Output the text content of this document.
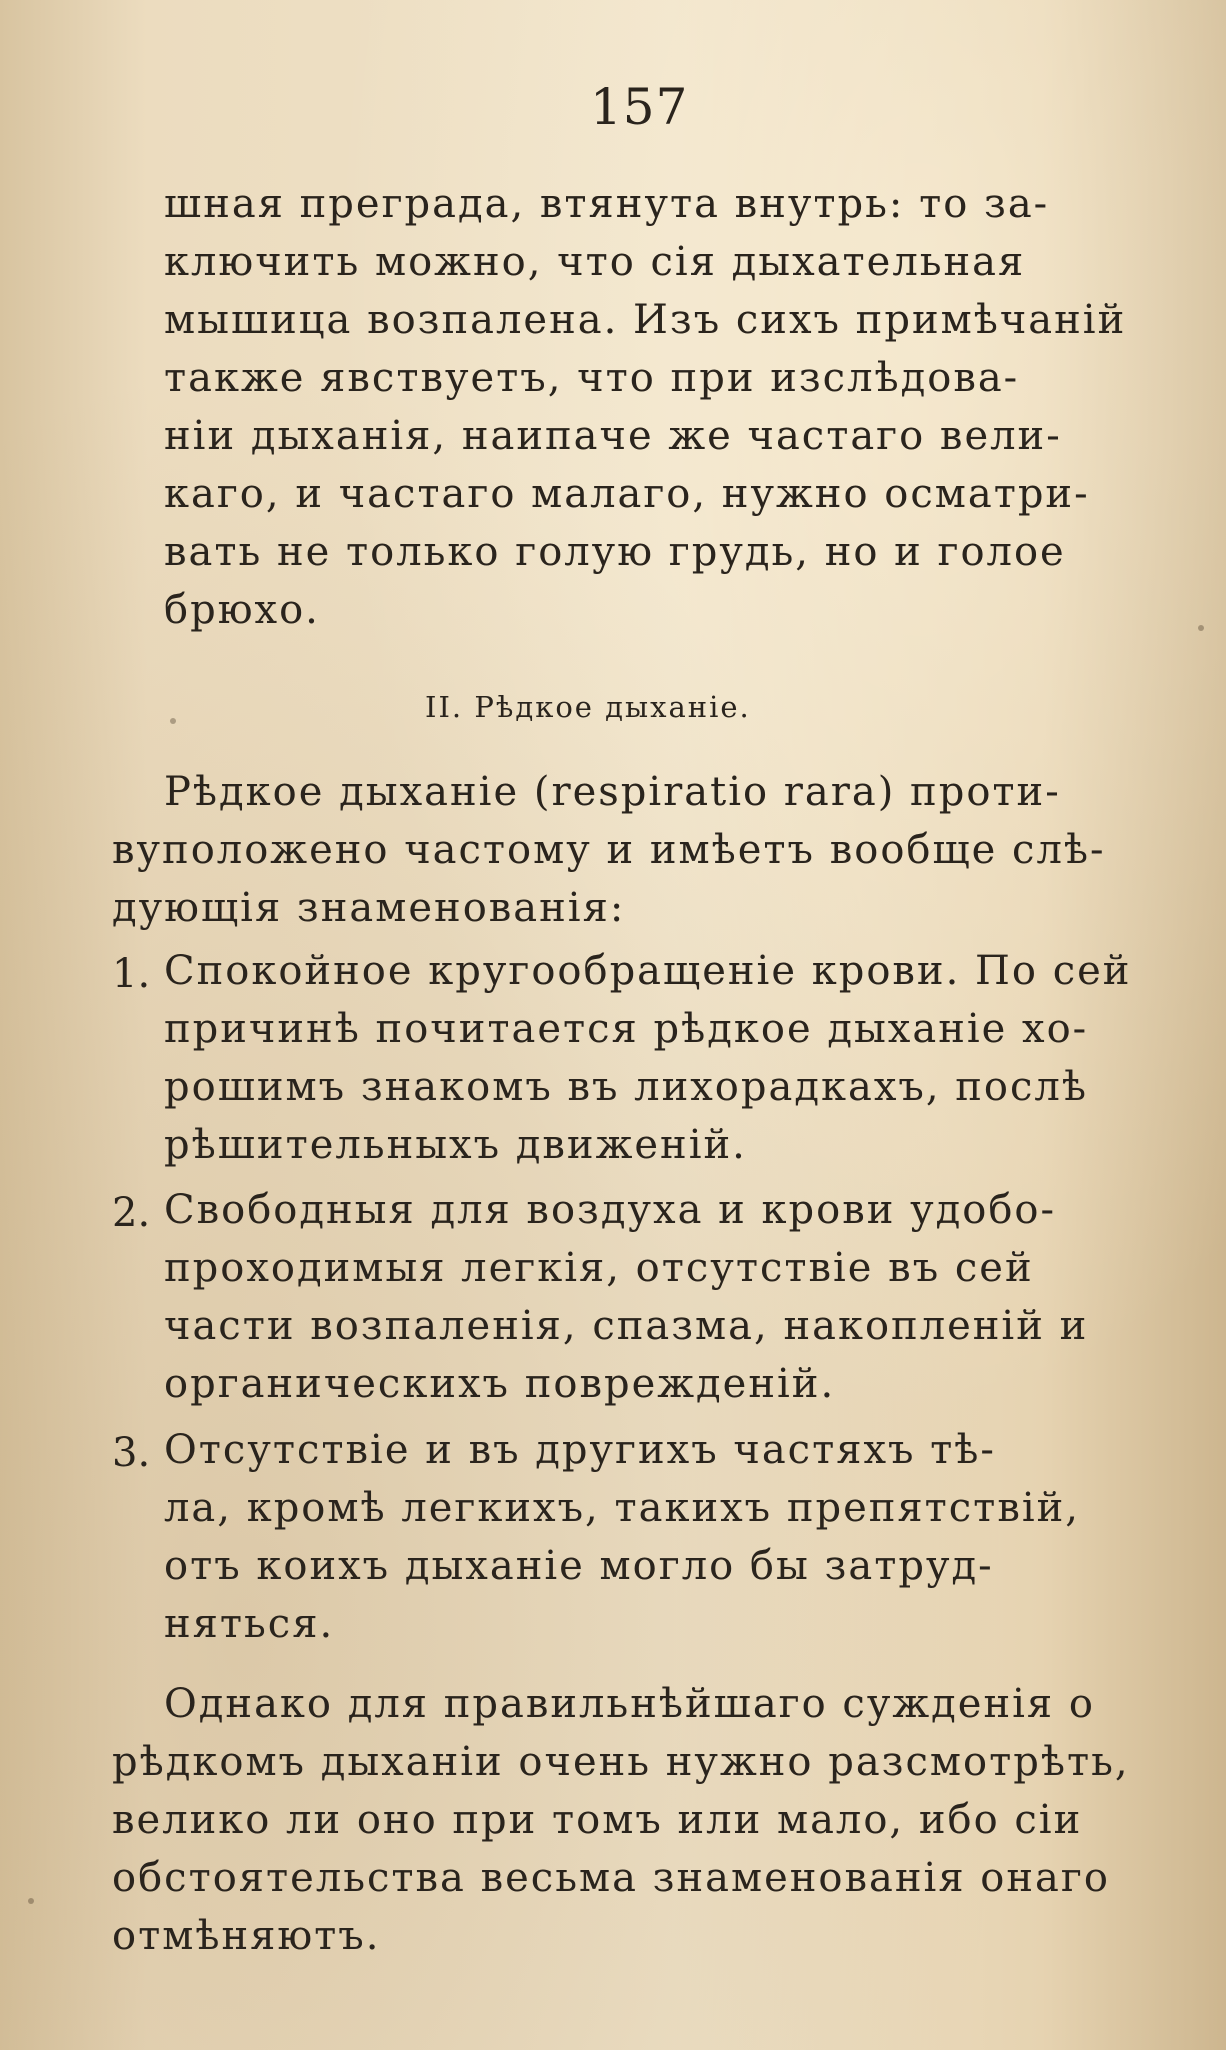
157
шная преграда, втянута внутрь: то за-
ключить можно, что сія дыхательная
мышица возпалена. Изъ сихъ примѣчаній
также явствуетъ, что при изслѣдова-
ніи дыханія, наипаче же частаго вели-
каго, и частаго малаго, нужно осматри-
вать не только голую грудь, но и голое
брюхо.
II. Рѣдкое дыханіе.
Рѣдкое дыханіе (respiratio rara) проти-
вуположено частому и имѣетъ вообще слѣ-
дующія знаменованія:
1. Спокойное кругообращеніе крови. По сей
причинѣ почитается рѣдкое дыханіе хо-
рошимъ знакомъ въ лихорадкахъ, послѣ
рѣшительныхъ движеній.
2. Свободныя для воздуха и крови удобо-
проходимыя легкія, отсутствіе въ сей
части возпаленія, спазма, накопленій и
органическихъ поврежденій.
3. Отсутствіе и въ другихъ частяхъ тѣ-
ла, кромѣ легкихъ, такихъ препятствій,
отъ коихъ дыханіе могло бы затруд-
няться.
Однако для правильнѣйшаго сужденія о
рѣдкомъ дыханіи очень нужно разсмотрѣть,
велико ли оно при томъ или мало, ибо сіи
обстоятельства весьма знаменованія онаго
отмѣняютъ.
